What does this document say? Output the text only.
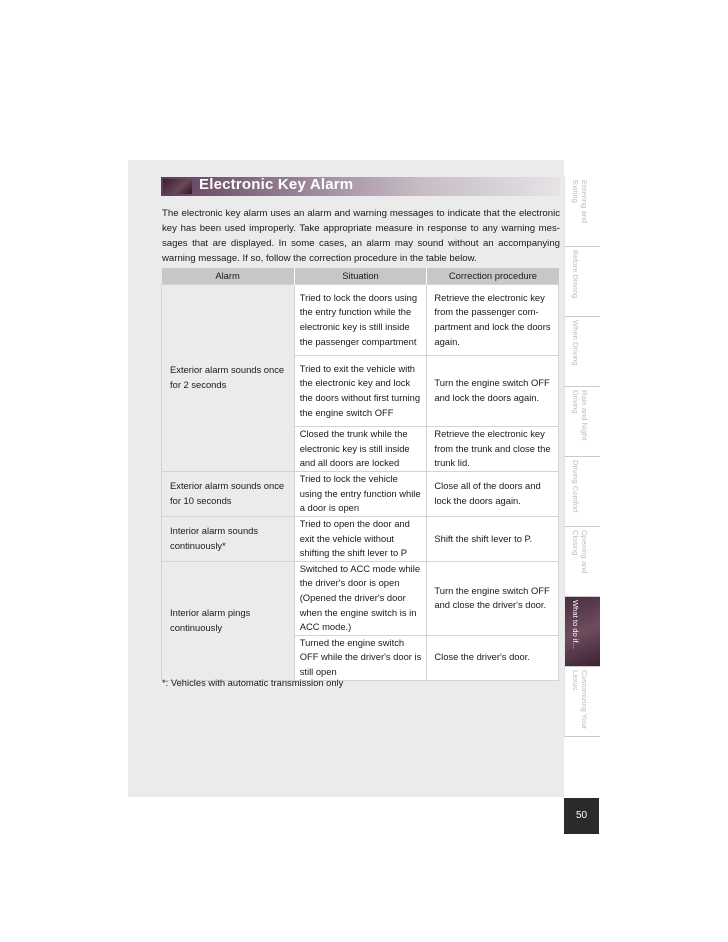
Electronic Key Alarm
The electronic key alarm uses an alarm and warning messages to indicate that the electronic key has been used improperly. Take appropriate measure in response to any warning mes-sages that are displayed. In some cases, an alarm may sound without an accompanying warning message. If so, follow the correction procedure in the table below.
Alarm	Situation	Correction procedure
Exterior alarm sounds once for 2 seconds	Tried to lock the doors using the entry function while the electronic key is still inside the passenger compartment	Retrieve the electronic key from the passenger com-partment and lock the doors again.
	Tried to exit the vehicle with the electronic key and lock the doors without first turning the engine switch OFF	Turn the engine switch OFF and lock the doors again.
	Closed the trunk while the electronic key is still inside and all doors are locked	Retrieve the electronic key from the trunk and close the trunk lid.
Exterior alarm sounds once for 10 seconds	Tried to lock the vehicle using the entry function while a door is open	Close all of the doors and lock the doors again.
Interior alarm sounds continuously*	Tried to open the door and exit the vehicle without shifting the shift lever to P	Shift the shift lever to P.
Interior alarm pings continuously	Switched to ACC mode while the driver's door is open (Opened the driver's door when the engine switch is in ACC mode.)	Turn the engine switch OFF and close the driver's door.
	Turned the engine switch OFF while the driver's door is still open	Close the driver's door.
*: Vehicles with automatic transmission only
Entering and Exiting
Before Driving
When Driving
Rain and Night Driving
Driving Comfort
Opening and Closing
What to do if...
Customizing Your Lexus
50
